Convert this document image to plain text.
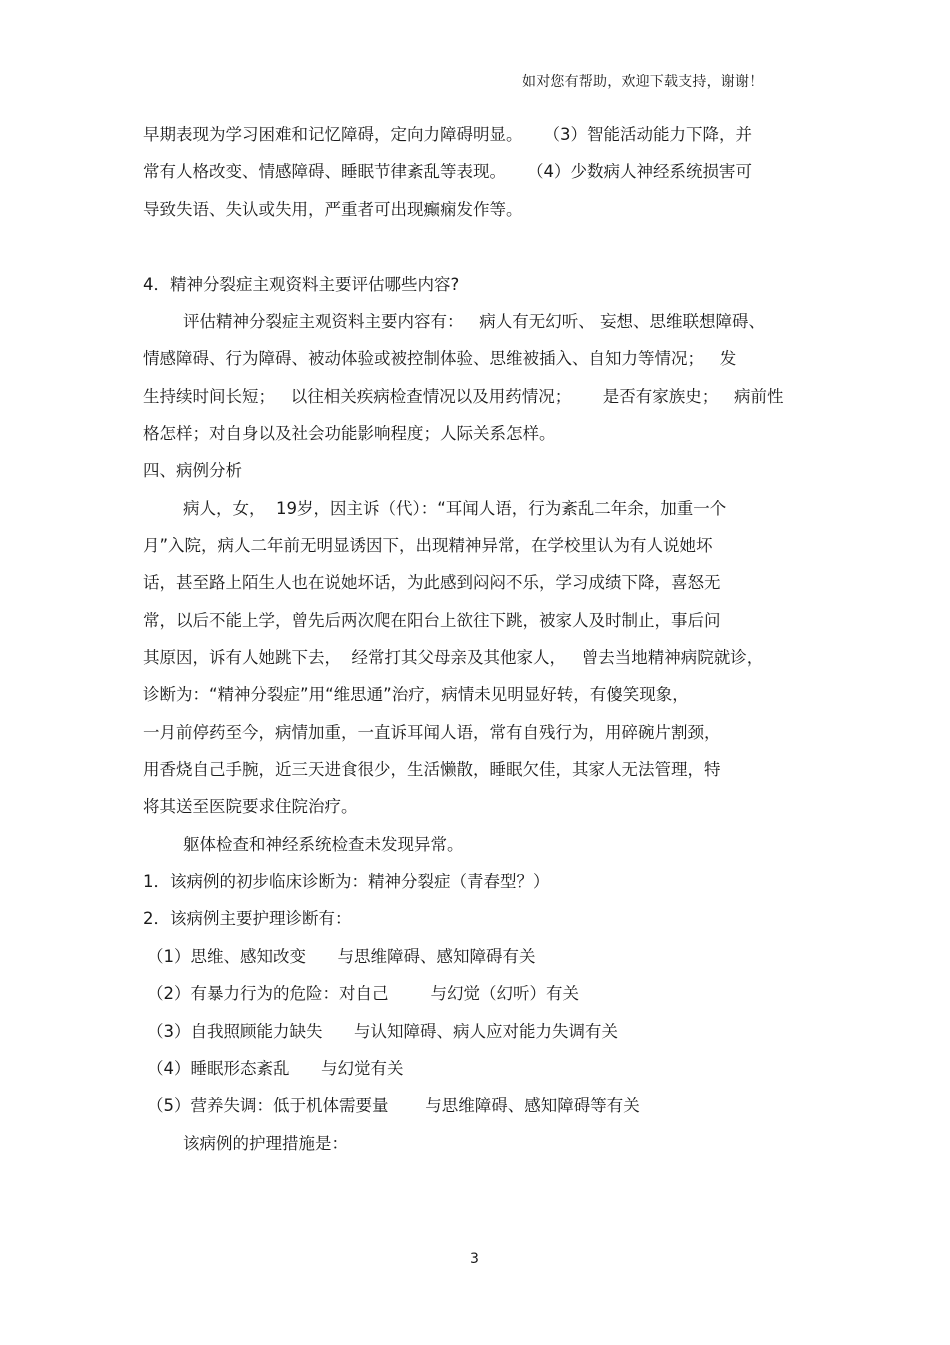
如对您有帮助，欢迎下载支持，谢谢！
早期表现为学习困难和记忆障碍，定向力障碍明显。    （3）智能活动能力下降，并
常有人格改变、情感障碍、睡眠节律紊乱等表现。    （4）少数病人神经系统损害可
导致失语、失认或失用，严重者可出现癫痫发作等。
4．精神分裂症主观资料主要评估哪些内容?
评估精神分裂症主观资料主要内容有：   病人有无幻听、 妄想、思维联想障碍、
情感障碍、行为障碍、被动体验或被控制体验、思维被插入、自知力等情况；   发
生持续时间长短；   以往相关疾病检查情况以及用药情况；      是否有家族史；   病前性
格怎样；对自身以及社会功能影响程度；人际关系怎样。
四、病例分析
病人，女，  19岁，因主诉（代）：“耳闻人语，行为紊乱二年余，加重一个
月”入院，病人二年前无明显诱因下，出现精神异常，在学校里认为有人说她坏
话，甚至路上陌生人也在说她坏话，为此感到闷闷不乐，学习成绩下降，喜怒无
常，以后不能上学，曾先后两次爬在阳台上欲往下跳，被家人及时制止，事后问
其原因，诉有人她跳下去，  经常打其父母亲及其他家人，   曾去当地精神病院就诊，
诊断为：“精神分裂症”用“维思通”治疗，病情未见明显好转，有傻笑现象，
一月前停药至今，病情加重，一直诉耳闻人语，常有自残行为，用碎碗片割颈，
用香烧自己手腕，近三天进食很少，生活懒散，睡眠欠佳，其家人无法管理，特
将其送至医院要求住院治疗。
躯体检查和神经系统检查未发现异常。
1．该病例的初步临床诊断为：精神分裂症（青春型？）
2．该病例主要护理诊断有：
（1）思维、感知改变      与思维障碍、感知障碍有关
（2）有暴力行为的危险：对自己        与幻觉（幻听）有关
（3）自我照顾能力缺失      与认知障碍、病人应对能力失调有关
（4）睡眠形态紊乱      与幻觉有关
（5）营养失调：低于机体需要量       与思维障碍、感知障碍等有关
该病例的护理措施是：
3
